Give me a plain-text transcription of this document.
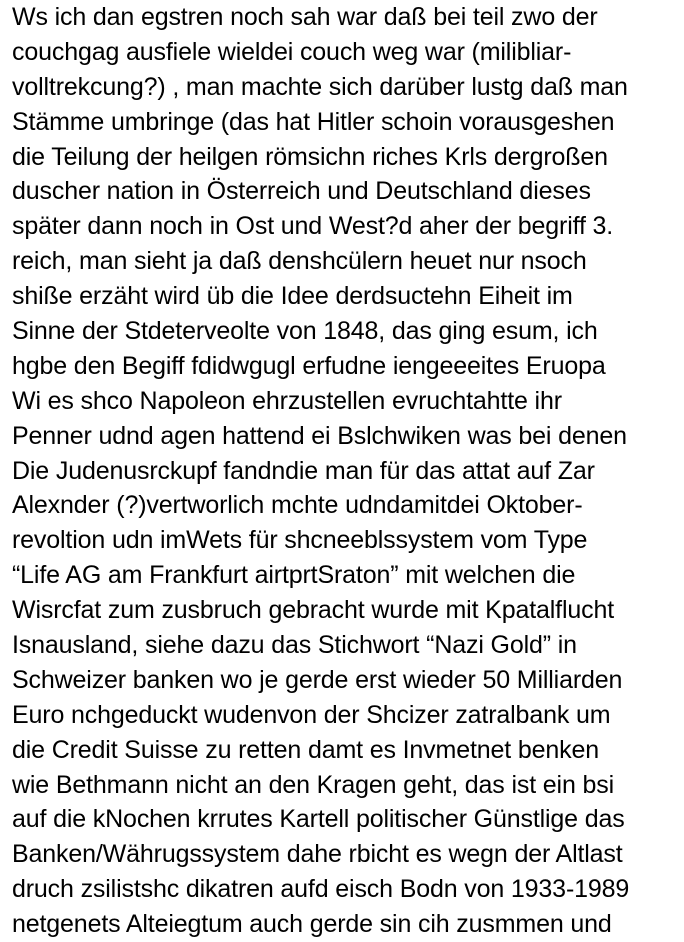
Ws ich dan egstren noch sah war daß bei teil zwo der
couchgag ausfiele wieldei couch weg war (milibliar-
volltrekcung?) , man machte sich darüber lustg daß man
Stämme umbringe (das hat Hitler schoin vorausgeshen
die Teilung der heilgen römsichn riches Krls dergroßen
duscher nation in Österreich und Deutschland dieses
später dann noch in Ost und West?d aher der begriff 3.
reich, man sieht ja daß denshcülern heuet nur nsoch
shiße erzäht wird üb die Idee derdsuctehn Eiheit im
Sinne der Stdeterveolte von 1848, das ging esum, ich
hgbe den Begiff fdidwgugl erfudne iengeeeites Eruopa
Wi es shco Napoleon ehrzustellen evruchtahtte ihr
Penner udnd agen hattend ei Bslchwiken was bei denen
Die Judenusrckupf fandndie man für das attat auf Zar
Alexnder (?)vertworlich mchte udndamitdei Oktober-
revoltion udn imWets für shcneeblssystem vom Type
“Life AG am Frankfurt airtprtSraton” mit welchen die
Wisrcfat zum zusbruch gebracht wurde mit Kpatalflucht
Isnausland, siehe dazu das Stichwort “Nazi Gold” in
Schweizer banken wo je gerde erst wieder 50 Milliarden
Euro nchgeduckt wudenvon der Shcizer zatralbank um
die Credit Suisse zu retten damt es Invmetnet benken
wie Bethmann nicht an den Kragen geht, das ist ein bsi
auf die kNochen krrutes Kartell politischer Günstlige das
Banken/Währugssystem dahe rbicht es wegn der Altlast
druch zsilistshc dikatren aufd eisch Bodn von 1933-1989
netgenets Alteiegtum auch gerde sin cih zusmmen und
